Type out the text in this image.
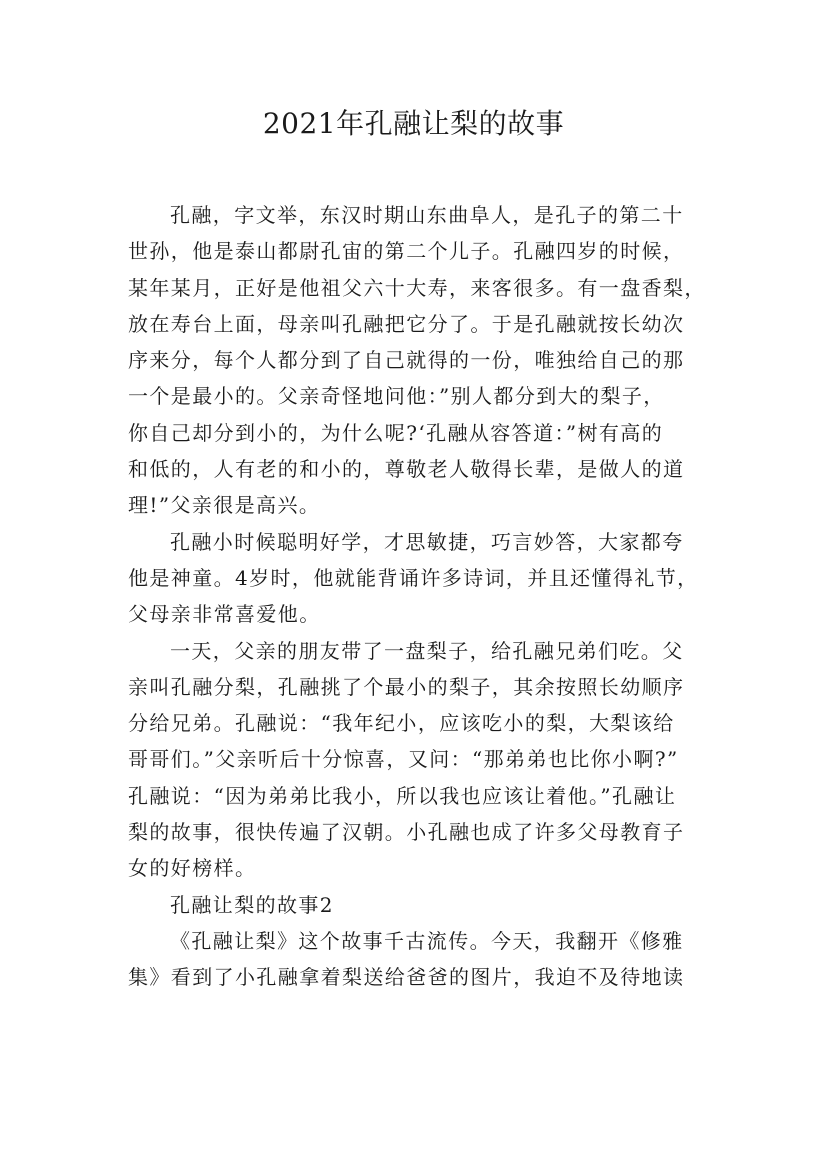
2021年孔融让梨的故事
孔融，字文举，东汉时期山东曲阜人，是孔子的第二十
世孙，他是泰山都尉孔宙的第二个儿子。孔融四岁的时候，
某年某月，正好是他祖父六十大寿，来客很多。有一盘香梨，
放在寿台上面，母亲叫孔融把它分了。于是孔融就按长幼次
序来分，每个人都分到了自己就得的一份，唯独给自己的那
一个是最小的。父亲奇怪地问他：”别人都分到大的梨子，
你自己却分到小的，为什么呢?‘孔融从容答道：”树有高的
和低的，人有老的和小的，尊敬老人敬得长辈，是做人的道
理!”父亲很是高兴。
孔融小时候聪明好学，才思敏捷，巧言妙答，大家都夸
他是神童。4岁时，他就能背诵许多诗词，并且还懂得礼节，
父母亲非常喜爱他。
一天，父亲的朋友带了一盘梨子，给孔融兄弟们吃。父
亲叫孔融分梨，孔融挑了个最小的梨子，其余按照长幼顺序
分给兄弟。孔融说：“我年纪小，应该吃小的梨，大梨该给
哥哥们。”父亲听后十分惊喜，又问：“那弟弟也比你小啊?”
孔融说：“因为弟弟比我小，所以我也应该让着他。”孔融让
梨的故事，很快传遍了汉朝。小孔融也成了许多父母教育子
女的好榜样。
孔融让梨的故事2
《孔融让梨》这个故事千古流传。今天，我翻开《修雅
集》看到了小孔融拿着梨送给爸爸的图片，我迫不及待地读
